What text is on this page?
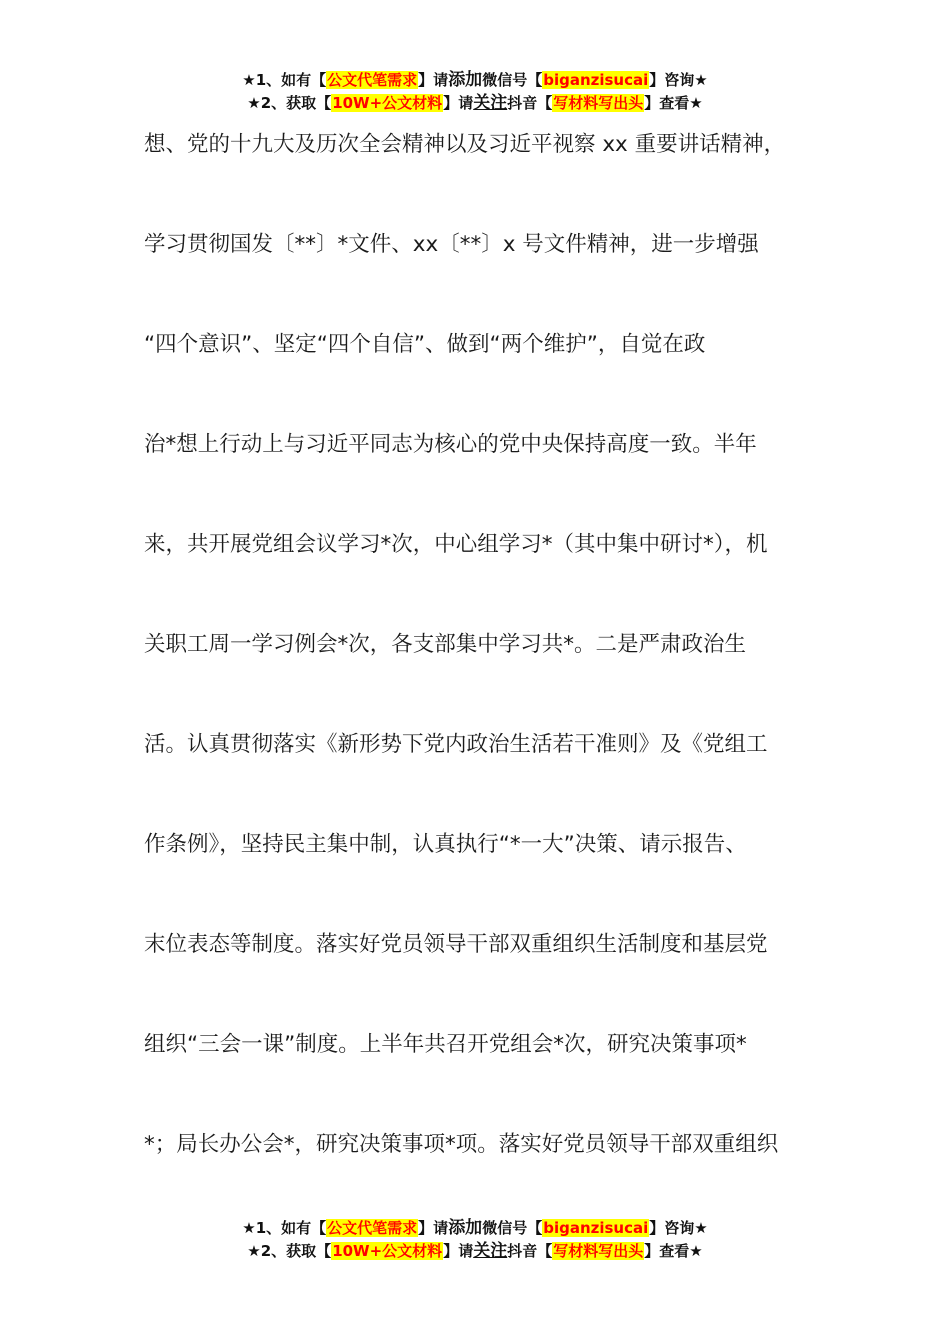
★1、如有【公文代笔需求】请添加微信号【biganzisucai】咨询★
★2、获取【10W+公文材料】请关注抖音【写材料写出头】查看★
想、党的十九大及历次全会精神以及习近平视察 xx 重要讲话精神，
学习贯彻国发〔**〕*文件、xx〔**〕x 号文件精神，进一步增强
“四个意识”、坚定“四个自信”、做到“两个维护”，自觉在政
治*想上行动上与习近平同志为核心的党中央保持高度一致。半年
来，共开展党组会议学习*次，中心组学习*（其中集中研讨*），机
关职工周一学习例会*次，各支部集中学习共*。二是严肃政治生
活。认真贯彻落实《新形势下党内政治生活若干准则》及《党组工
作条例》，坚持民主集中制，认真执行“*一大”决策、请示报告、
末位表态等制度。落实好党员领导干部双重组织生活制度和基层党
组织“三会一课”制度。上半年共召开党组会*次，研究决策事项*
*；局长办公会*，研究决策事项*项。落实好党员领导干部双重组织
★1、如有【公文代笔需求】请添加微信号【biganzisucai】咨询★
★2、获取【10W+公文材料】请关注抖音【写材料写出头】查看★
